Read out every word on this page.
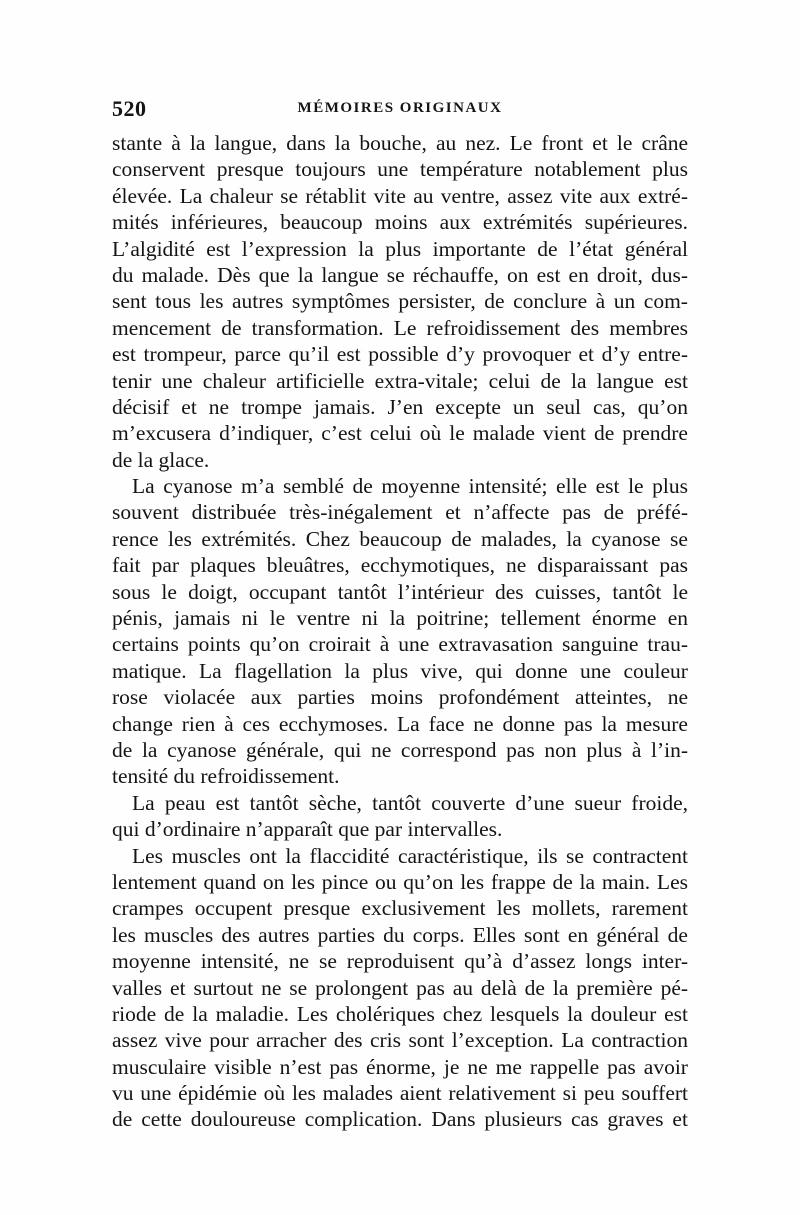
520	MÉMOIRES ORIGINAUX
stante à la langue, dans la bouche, au nez. Le front et le crâne
conservent presque toujours une température notablement plus
élevée. La chaleur se rétablit vite au ventre, assez vite aux extré-
mités inférieures, beaucoup moins aux extrémités supérieures.
L’algidité est l’expression la plus importante de l’état général
du malade. Dès que la langue se réchauffe, on est en droit, dus-
sent tous les autres symptômes persister, de conclure à un com-
mencement de transformation. Le refroidissement des membres
est trompeur, parce qu’il est possible d’y provoquer et d’y entre-
tenir une chaleur artificielle extra-vitale; celui de la langue est
décisif et ne trompe jamais. J’en excepte un seul cas, qu’on
m’excusera d’indiquer, c’est celui où le malade vient de prendre
de la glace.
La cyanose m’a semblé de moyenne intensité; elle est le plus
souvent distribuée très-inégalement et n’affecte pas de préfé-
rence les extrémités. Chez beaucoup de malades, la cyanose se
fait par plaques bleuâtres, ecchymotiques, ne disparaissant pas
sous le doigt, occupant tantôt l’intérieur des cuisses, tantôt le
pénis, jamais ni le ventre ni la poitrine; tellement énorme en
certains points qu’on croirait à une extravasation sanguine trau-
matique. La flagellation la plus vive, qui donne une couleur
rose violacée aux parties moins profondément atteintes, ne
change rien à ces ecchymoses. La face ne donne pas la mesure
de la cyanose générale, qui ne correspond pas non plus à l’in-
tensité du refroidissement.
La peau est tantôt sèche, tantôt couverte d’une sueur froide,
qui d’ordinaire n’apparaît que par intervalles.
Les muscles ont la flaccidité caractéristique, ils se contractent
lentement quand on les pince ou qu’on les frappe de la main. Les
crampes occupent presque exclusivement les mollets, rarement
les muscles des autres parties du corps. Elles sont en général de
moyenne intensité, ne se reproduisent qu’à d’assez longs inter-
valles et surtout ne se prolongent pas au delà de la première pé-
riode de la maladie. Les cholériques chez lesquels la douleur est
assez vive pour arracher des cris sont l’exception. La contraction
musculaire visible n’est pas énorme, je ne me rappelle pas avoir
vu une épidémie où les malades aient relativement si peu souffert
de cette douloureuse complication. Dans plusieurs cas graves et
